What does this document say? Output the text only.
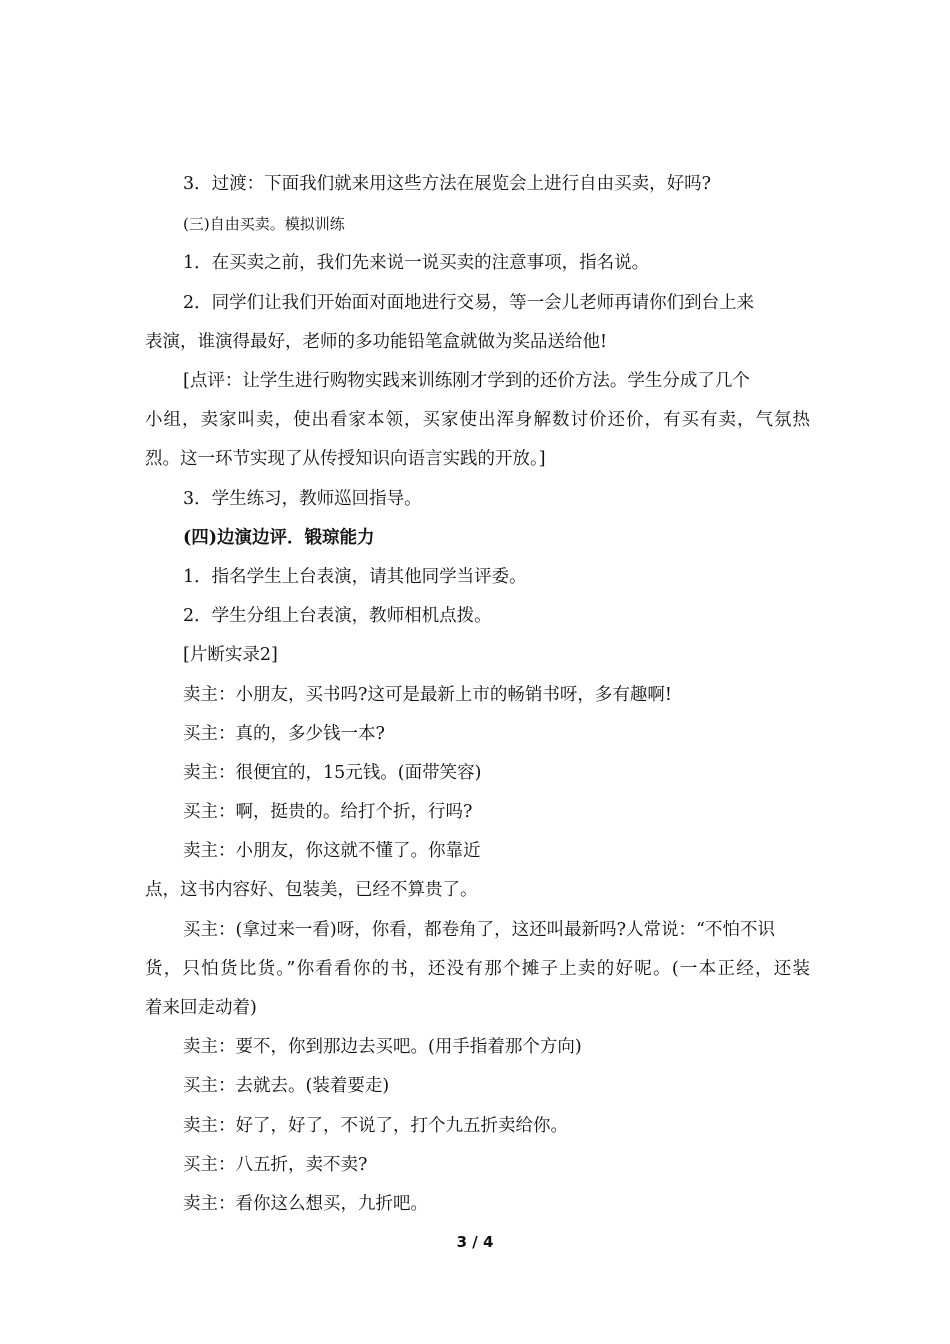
3．过渡：下面我们就来用这些方法在展览会上进行自由买卖，好吗?
(三)自由买卖。模拟训练
1．在买卖之前，我们先来说一说买卖的注意事项，指名说。
2．同学们让我们开始面对面地进行交易，等一会儿老师再请你们到台上来
表演，谁演得最好，老师的多功能铅笔盒就做为奖品送给他!
[点评：让学生进行购物实践来训练刚才学到的还价方法。学生分成了几个
小组，卖家叫卖，使出看家本领，买家使出浑身解数讨价还价，有买有卖，气氛热
烈。这一环节实现了从传授知识向语言实践的开放。]
3．学生练习，教师巡回指导。
(四)边演边评．锻琼能力
1．指名学生上台表演，请其他同学当评委。
2．学生分组上台表演，教师相机点拨。
[片断实录2]
卖主：小朋友，买书吗?这可是最新上市的畅销书呀，多有趣啊!
买主：真的，多少钱一本?
卖主：很便宜的，15元钱。(面带笑容)
买主：啊，挺贵的。给打个折，行吗?
卖主：小朋友，你这就不懂了。你靠近
点，这书内容好、包装美，已经不算贵了。
买主：(拿过来一看)呀，你看，都卷角了，这还叫最新吗?人常说：“不怕不识
货，只怕货比货。”你看看你的书，还没有那个摊子上卖的好呢。(一本正经，还装
着来回走动着)
卖主：要不，你到那边去买吧。(用手指着那个方向)
买主：去就去。(装着要走)
卖主：好了，好了，不说了，打个九五折卖给你。
买主：八五折，卖不卖?
卖主：看你这么想买，九折吧。
3 / 4
